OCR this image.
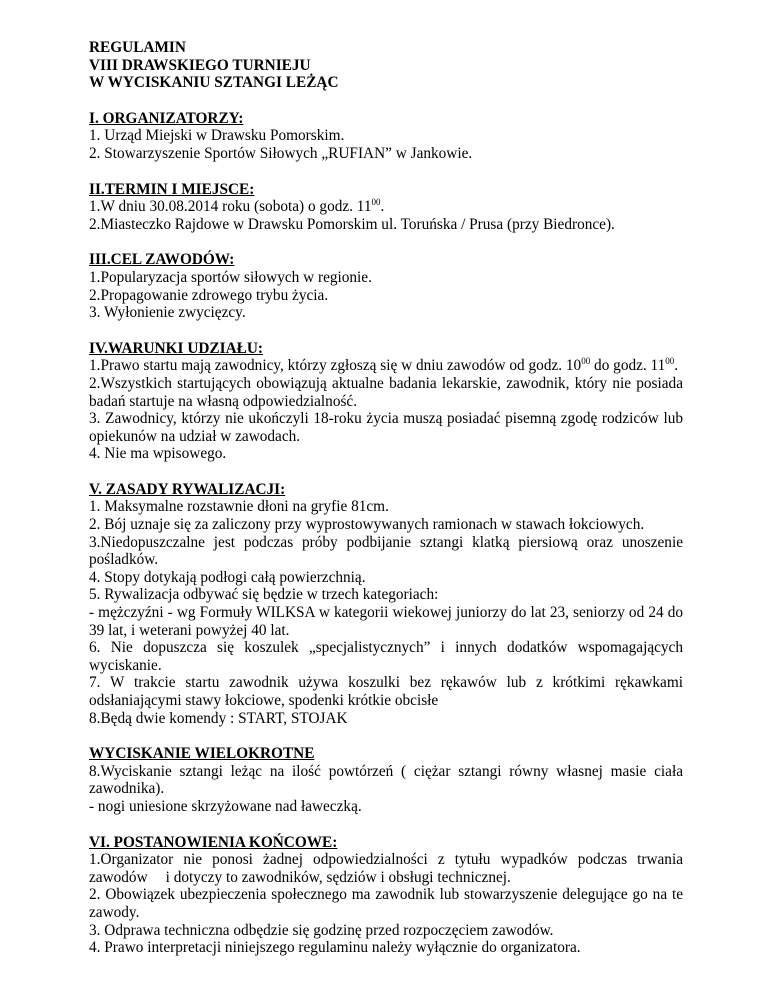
REGULAMIN
VIII DRAWSKIEGO TURNIEJU
W WYCISKANIU SZTANGI LEŻĄC
I. ORGANIZATORZY:
1. Urząd Miejski w Drawsku Pomorskim.
2. Stowarzyszenie Sportów Siłowych „RUFIAN” w Jankowie.
II.TERMIN I MIEJSCE:
1.W dniu 30.08.2014 roku (sobota) o godz. $11^{00}$.
2.Miasteczko Rajdowe w Drawsku Pomorskim ul. Toruńska / Prusa (przy Biedronce).
III.CEL ZAWODÓW:
1.Popularyzacja sportów siłowych w regionie.
2.Propagowanie zdrowego trybu życia.
3. Wyłonienie zwycięzcy.
IV.WARUNKI UDZIAŁU:
1.Prawo startu mają zawodnicy, którzy zgłoszą się w dniu zawodów od godz. $10^{00}$ do godz. $11^{00}$.
2.Wszystkich startujących obowiązują aktualne badania lekarskie, zawodnik, który nie posiada badań startuje na własną odpowiedzialność.
3. Zawodnicy, którzy nie ukończyli 18-roku życia muszą posiadać pisemną zgodę rodziców lub opiekunów na udział w zawodach.
4. Nie ma wpisowego.
V. ZASADY RYWALIZACJI:
1. Maksymalne rozstawnie dłoni na gryfie 81cm.
2. Bój uznaje się za zaliczony przy wyprostowywanych ramionach w stawach łokciowych.
3.Niedopuszczalne jest podczas próby podbijanie sztangi klatką piersiową oraz unoszenie pośladków.
4. Stopy dotykają podłogi całą powierzchnią.
5. Rywalizacja odbywać się będzie w trzech kategoriach:
- mężczyźni - wg Formuły WILKSA w kategorii wiekowej juniorzy do lat 23, seniorzy od 24 do 39 lat, i weterani powyżej 40 lat.
6. Nie dopuszcza się koszulek „specjalistycznych” i innych dodatków wspomagających wyciskanie.
7. W trakcie startu zawodnik używa koszulki bez rękawów lub z krótkimi rękawkami odsłaniającymi stawy łokciowe, spodenki krótkie obcisłe
8.Będą dwie komendy : START, STOJAK
WYCISKANIE WIELOKROTNE
8.Wyciskanie sztangi leżąc na ilość powtórzeń ( ciężar sztangi równy własnej masie ciała zawodnika).
- nogi uniesione skrzyżowane nad ławeczką.
VI. POSTANOWIENIA KOŃCOWE:
1.Organizator nie ponosi żadnej odpowiedzialności z tytułu wypadków podczas trwania zawodów i dotyczy to zawodników, sędziów i obsługi technicznej.
2. Obowiązek ubezpieczenia społecznego ma zawodnik lub stowarzyszenie delegujące go na te zawody.
3. Odprawa techniczna odbędzie się godzinę przed rozpoczęciem zawodów.
4. Prawo interpretacji niniejszego regulaminu należy wyłącznie do organizatora.
